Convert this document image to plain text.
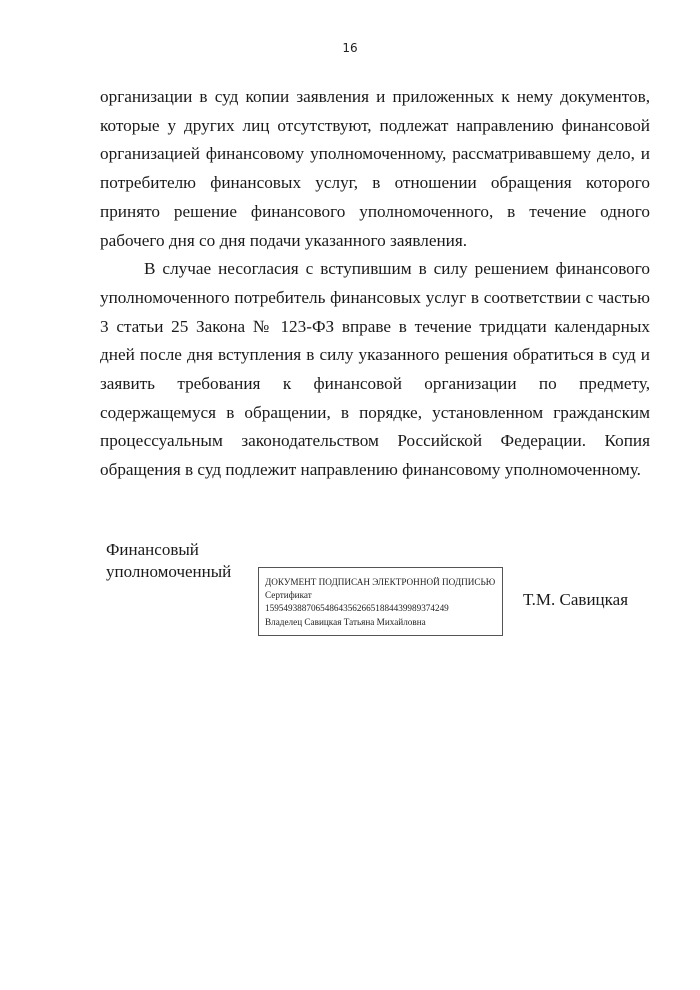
16

организации в суд копии заявления и приложенных к нему документов, которые у других лиц отсутствуют, подлежат направлению финансовой организацией финансовому уполномоченному, рассматривавшему дело, и потребителю финансовых услуг, в отношении обращения которого принято решение финансового уполномоченного, в течение одного рабочего дня со дня подачи указанного заявления.

В случае несогласия с вступившим в силу решением финансового уполномоченного потребитель финансовых услуг в соответствии с частью 3 статьи 25 Закона № 123-ФЗ вправе в течение тридцати календарных дней после дня вступления в силу указанного решения обратиться в суд и заявить требования к финансовой организации по предмету, содержащемуся в обращении, в порядке, установленном гражданским процессуальным законодательством Российской Федерации. Копия обращения в суд подлежит направлению финансовому уполномоченному.

Финансовый
уполномоченный
ДОКУМЕНТ ПОДПИСАН ЭЛЕКТРОННОЙ ПОДПИСЬЮ
Сертификат
1595493887065486435626651884439989374249
Владелец Савицкая Татьяна Михайловна
Т.М. Савицкая
